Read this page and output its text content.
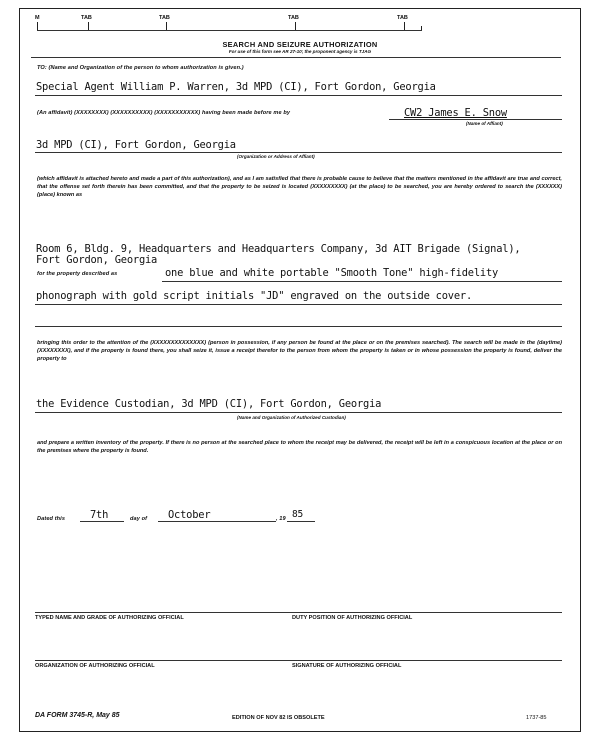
M	TAB	TAB	TAB	TAB
SEARCH AND SEIZURE AUTHORIZATION
For use of this form see AR 27-10; the proponent agency is TJAG
TO: (Name and Organization of the person to whom authorization is given.)
Special Agent William P. Warren, 3d MPD (CI), Fort Gordon, Georgia
(An affidavit) (XXXXXXXX) (XXXXXXXXXX) (XXXXXXXXXXX) having been made before me by	CW2 James E. Snow
(Name of Affiant)
3d MPD (CI), Fort Gordon, Georgia
(Organization or Address of Affiant)
(which affidavit is attached hereto and made a part of this authorization), and as I am satisfied that there is probable cause to believe that the matters mentioned in the affidavit are true and correct, that the offense set forth therein has been committed, and that the property to be seized is located (XXXXXXXXX) (at the place) to be searched, you are hereby ordered to search the (XXXXXX) (place) known as
Room 6, Bldg. 9, Headquarters and Headquarters Company, 3d AIT Brigade (Signal),
Fort Gordon, Georgia
for the property described as	one blue and white portable "Smooth Tone" high-fidelity
phonograph with gold script initials "JD" engraved on the outside cover.
bringing this order to the attention of the (XXXXXXXXXXXXXX) (person in possession, if any person be found at the place or on the premises searched). The search will be made in the (daytime) (XXXXXXXX), and if the property is found there, you shall seize it, issue a receipt therefor to the person from whom the property is taken or in whose possession the property is found, deliver the property to
the Evidence Custodian, 3d MPD (CI), Fort Gordon, Georgia
(Name and Organization of Authorized Custodian)
and prepare a written inventory of the property. If there is no person at the searched place to whom the receipt may be delivered, the receipt will be left in a conspicuous location at the place or on the premises where the property is found.
Dated this 7th	day of October	, 19 85
TYPED NAME AND GRADE OF AUTHORIZING OFFICIAL	DUTY POSITION OF AUTHORIZING OFFICIAL
ORGANIZATION OF AUTHORIZING OFFICIAL	SIGNATURE OF AUTHORIZING OFFICIAL
DA FORM 3745-R, May 85	EDITION OF NOV 82 IS OBSOLETE	1737-85
